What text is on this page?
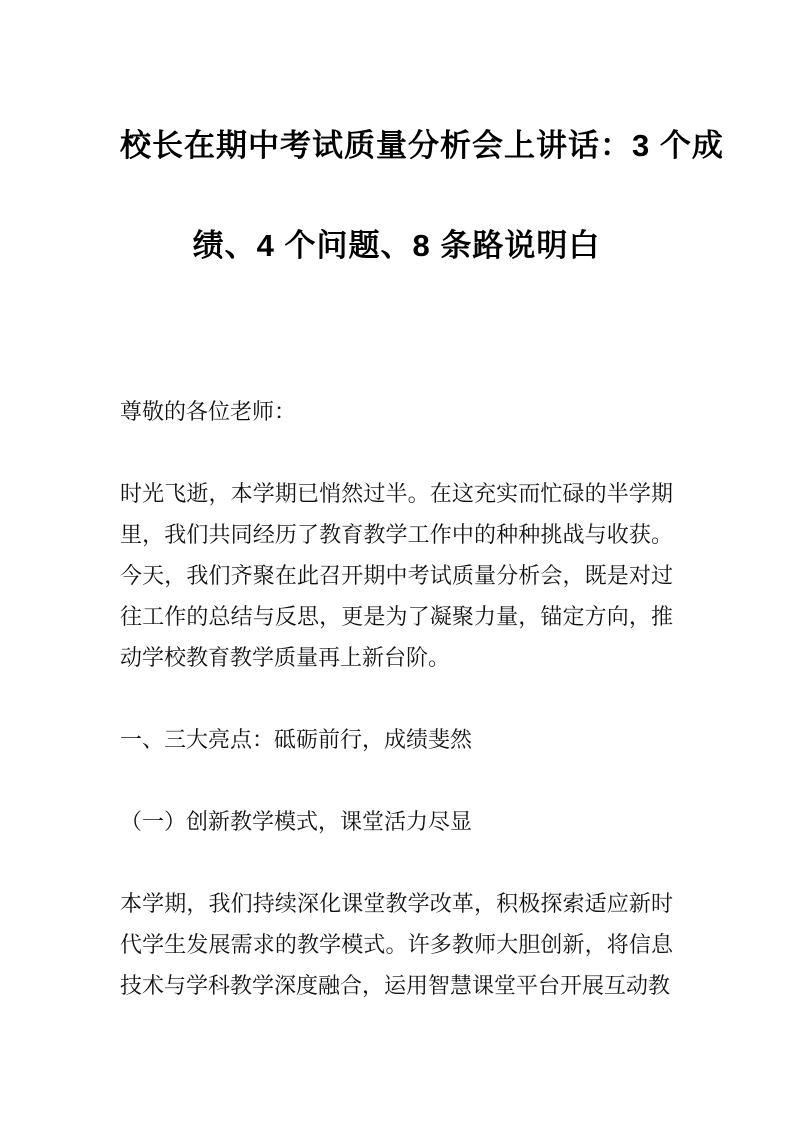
校长在期中考试质量分析会上讲话：3 个成
绩、4 个问题、8 条路说明白

尊敬的各位老师：

时光飞逝，本学期已悄然过半。在这充实而忙碌的半学期里，我们共同经历了教育教学工作中的种种挑战与收获。今天，我们齐聚在此召开期中考试质量分析会，既是对过往工作的总结与反思，更是为了凝聚力量，锚定方向，推动学校教育教学质量再上新台阶。

一、三大亮点：砥砺前行，成绩斐然

（一）创新教学模式，课堂活力尽显

本学期，我们持续深化课堂教学改革，积极探索适应新时代学生发展需求的教学模式。许多教师大胆创新，将信息技术与学科教学深度融合，运用智慧课堂平台开展互动教
